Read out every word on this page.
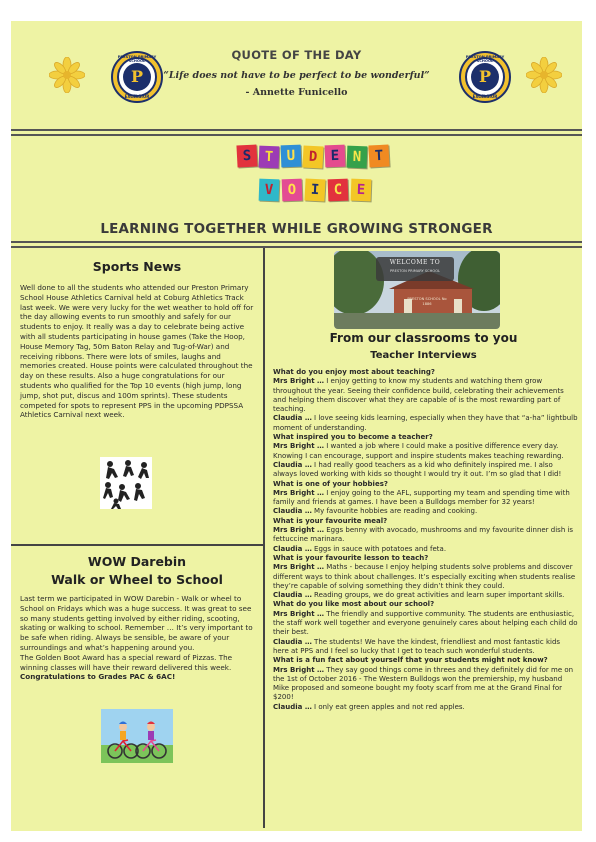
P
PRESTON PRIMARY SCHOOL
EXCELSIOR
QUOTE OF THE DAY
“Life does not have to be perfect to be wonderful”
- Annette Funicello
P
PRESTON PRIMARY SCHOOL
EXCELSIOR
S T U D E N T
V	O I C	E
LEARNING TOGETHER WHILE GROWING STRONGER
Sports News
Well done to all the students who attended our Preston Primary School House Athletics Carnival held at Coburg Athletics Track last week. We were very lucky for the wet weather to hold off for the day allowing events to run smoothly and safely for our students to enjoy. It really was a day to celebrate being active with all students participating in house games (Take the Hoop, House Memory Tag, 50m Baton Relay and Tug-of-War) and receiving ribbons. There were lots of smiles, laughs and memories created. House points were calculated throughout the day on these results. Also a huge congratulations for our students who qualified for the Top 10 events (high jump, long jump, shot put, discus and 100m sprints). These students competed for spots to represent PPS in the upcoming PDPSSA Athletics Carnival next week.
WOW Darebin
Walk or Wheel to School
Last term we participated in WOW Darebin - Walk or wheel to School on Fridays which was a huge success. It was great to see so many students getting involved by either riding, scooting, skating or walking to school. Remember … It’s very important to be safe when riding. Always be sensible, be aware of your surroundings and what’s happening around you.
The Golden Boot Award has a special reward of Pizzas. The winning classes will have their reward delivered this week. Congratulations to Grades PAC & 6AC!
WELCOME TO
PRESTON PRIMARY SCHOOL
PRESTON SCHOOL No 1886
From our classrooms to you
Teacher Interviews

What do you enjoy most about teaching?

Mrs Bright … I enjoy getting to know my students and watching them grow throughout the year. Seeing their confidence build, celebrating their achievements and helping them discover what they are capable of is the most rewarding part of teaching.

Claudia … I love seeing kids learning, especially when they have that “a-ha” lightbulb moment of understanding.

What inspired you to become a teacher?

Mrs Bright … I wanted a job where I could make a positive difference every day. Knowing I can encourage, support and inspire students makes teaching rewarding.

Claudia … I had really good teachers as a kid who definitely inspired me. I also always loved working with kids so thought I would try it out. I’m so glad that I did!

What is one of your hobbies?

Mrs Bright … I enjoy going to the AFL, supporting my team and spending time with family and friends at games. I have been a Bulldogs member for 32 years!

Claudia … My favourite hobbies are reading and cooking.

What is your favourite meal?

Mrs Bright … Eggs benny with avocado, mushrooms and my favourite dinner dish is fettuccine marinara.

Claudia … Eggs in sauce with potatoes and feta.

What is your favourite lesson to teach?

Mrs Bright … Maths - because I enjoy helping students solve problems and discover different ways to think about challenges. It’s especially exciting when students realise they’re capable of solving something they didn’t think they could.

Claudia … Reading groups, we do great activities and learn super important skills.

What do you like most about our school?

Mrs Bright … The friendly and supportive community. The students are enthusiastic, the staff work well together and everyone genuinely cares about helping each child do their best.

Claudia … The students! We have the kindest, friendliest and most fantastic kids here at PPS and I feel so lucky that I get to teach such wonderful students.

What is a fun fact about yourself that your students might not know?

Mrs Bright … They say good things come in threes and they definitely did for me on the 1st of October 2016 - The Western Bulldogs won the premiership, my husband Mike proposed and someone bought my footy scarf from me at the Grand Final for $200!

Claudia … I only eat green apples and not red apples.
